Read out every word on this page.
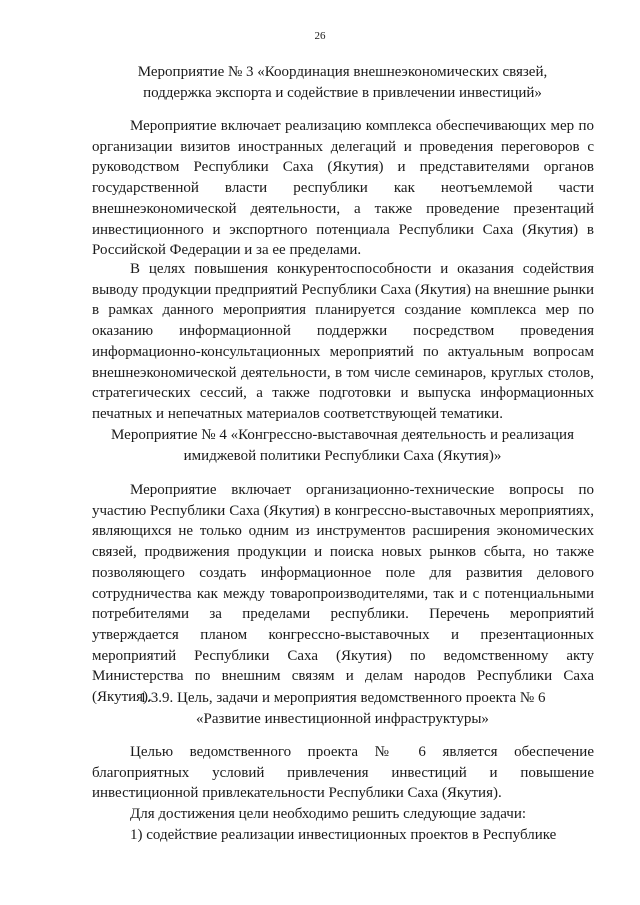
26
Мероприятие № 3 «Координация внешнеэкономических связей,
поддержка экспорта и содействие в привлечении инвестиций»

Мероприятие включает реализацию комплекса обеспечивающих мер по организации визитов иностранных делегаций и проведения переговоров с руководством Республики Саха (Якутия) и представителями органов государственной власти республики как неотъемлемой части внешнеэкономической деятельности, а также проведение презентаций инвестиционного и экспортного потенциала Республики Саха (Якутия) в Российской Федерации и за ее пределами.

В целях повышения конкурентоспособности и оказания содействия выводу продукции предприятий Республики Саха (Якутия) на внешние рынки в рамках данного мероприятия планируется создание комплекса мер по оказанию информационной поддержки посредством проведения информационно-консультационных мероприятий по актуальным вопросам внешнеэкономической деятельности, в том числе семинаров, круглых столов, стратегических сессий, а также подготовки и выпуска информационных печатных и непечатных материалов соответствующей тематики.

Мероприятие № 4 «Конгрессно-выставочная деятельность и реализация
имиджевой политики Республики Саха (Якутия)»

Мероприятие включает организационно-технические вопросы по участию Республики Саха (Якутия) в конгрессно-выставочных мероприятиях, являющихся не только одним из инструментов расширения экономических связей, продвижения продукции и поиска новых рынков сбыта, но также позволяющего создать информационное поле для развития делового сотрудничества как между товаропроизводителями, так и с потенциальными потребителями за пределами республики. Перечень мероприятий утверждается планом конгрессно-выставочных и презентационных мероприятий Республики Саха (Якутия) по ведомственному акту Министерства по внешним связям и делам народов Республики Саха (Якутия).

1.3.9. Цель, задачи и мероприятия ведомственного проекта № 6
«Развитие инвестиционной инфраструктуры»

Целью ведомственного проекта № 6 является обеспечение благоприятных условий привлечения инвестиций и повышение инвестиционной привлекательности Республики Саха (Якутия).

Для достижения цели необходимо решить следующие задачи:

1) содействие реализации инвестиционных проектов в Республике
